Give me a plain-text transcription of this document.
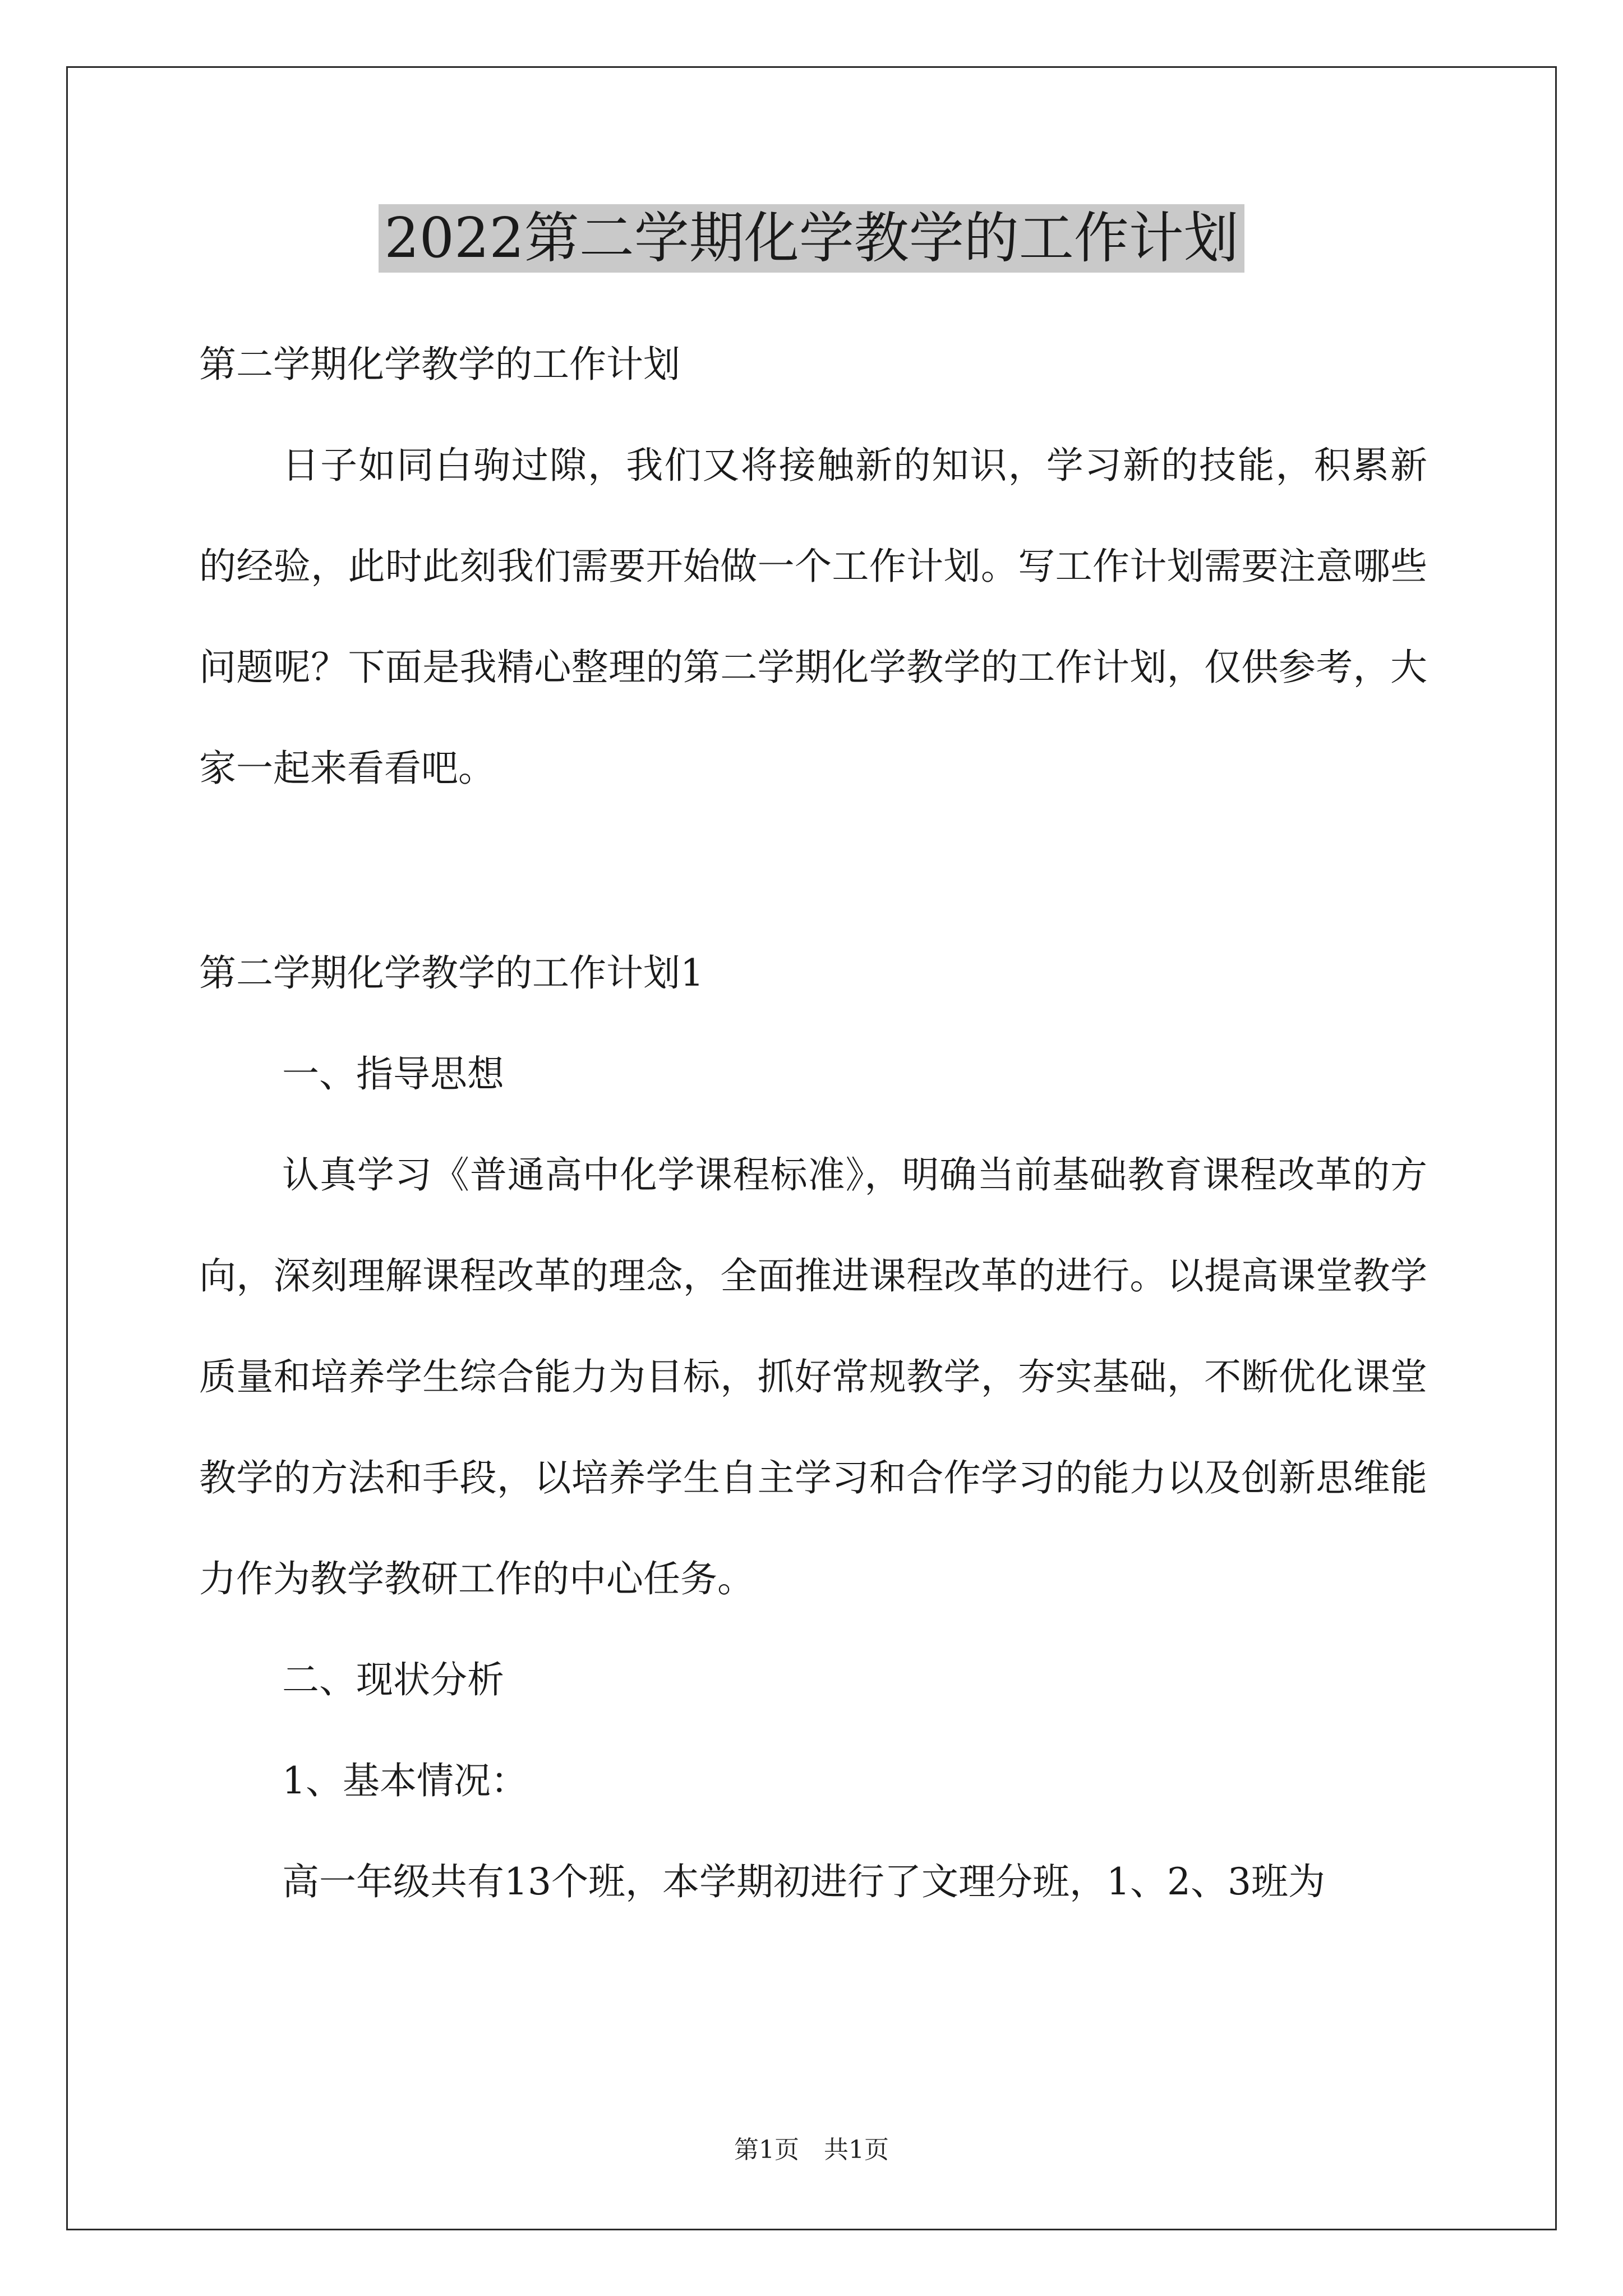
2022第二学期化学教学的工作计划

第二学期化学教学的工作计划

日子如同白驹过隙，我们又将接触新的知识，学习新的技能，积累新的经验，此时此刻我们需要开始做一个工作计划。写工作计划需要注意哪些问题呢？下面是我精心整理的第二学期化学教学的工作计划，仅供参考，大家一起来看看吧。

第二学期化学教学的工作计划1

一、指导思想

认真学习《普通高中化学课程标准》，明确当前基础教育课程改革的方向，深刻理解课程改革的理念，全面推进课程改革的进行。以提高课堂教学质量和培养学生综合能力为目标，抓好常规教学，夯实基础，不断优化课堂教学的方法和手段，以培养学生自主学习和合作学习的能力以及创新思维能力作为教学教研工作的中心任务。

二、现状分析

1、基本情况：

高一年级共有13个班，本学期初进行了文理分班，1、2、3班为

第1页　共1页
